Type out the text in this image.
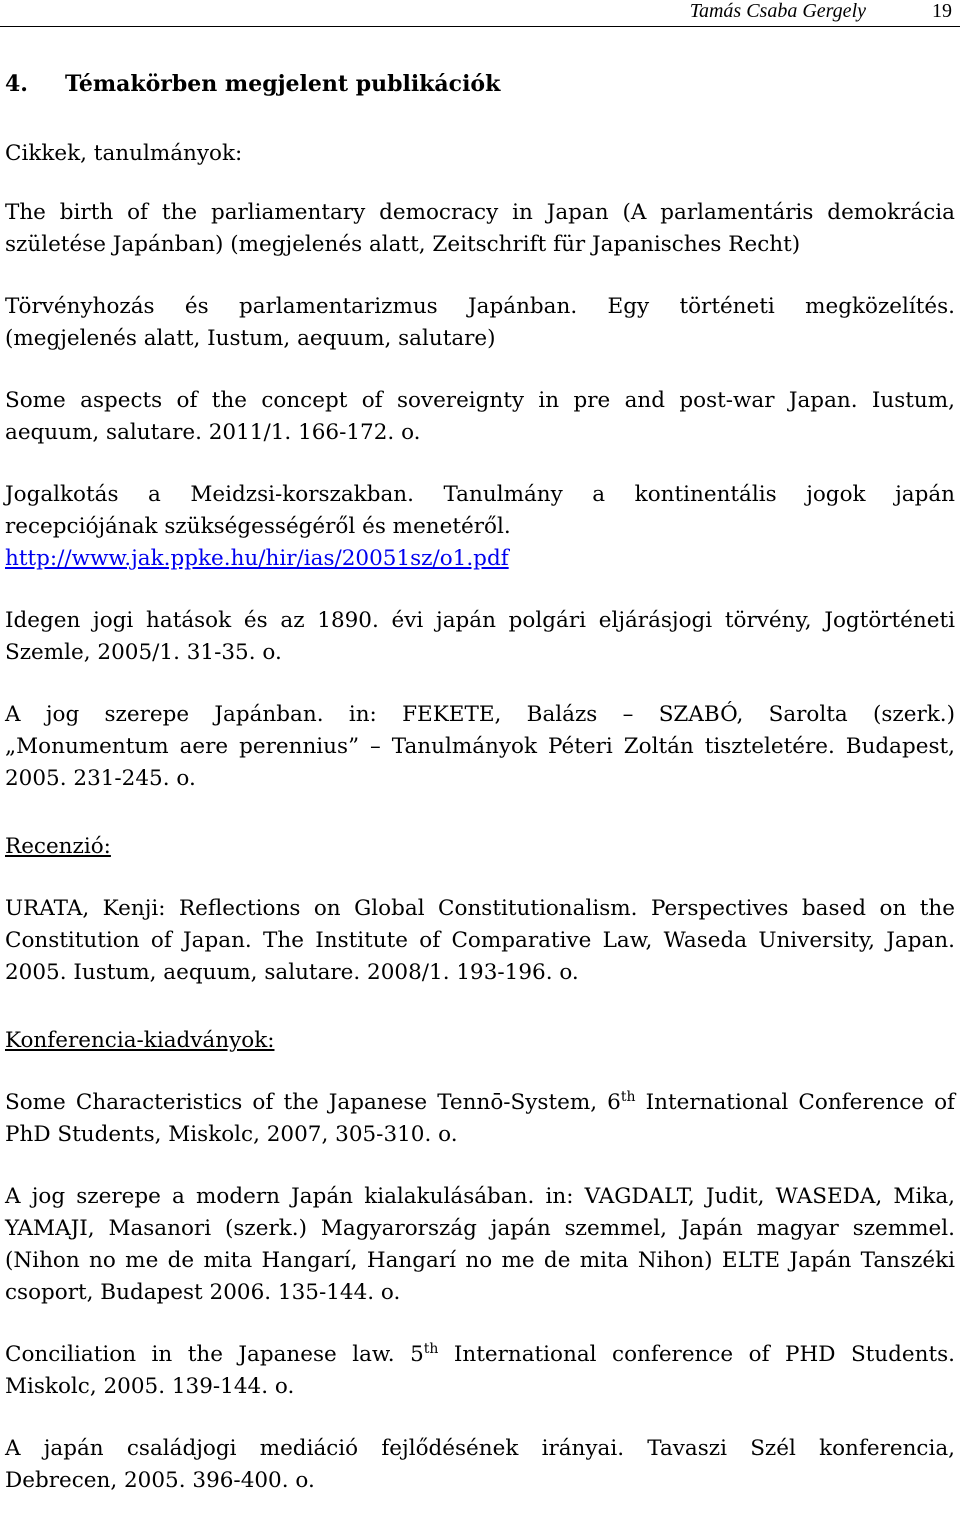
Tamás Csaba Gergely	19
4. Témakörben megjelent publikációk
Cikkek, tanulmányok:
The birth of the parliamentary democracy in Japan (A parlamentáris demokrácia
születése Japánban) (megjelenés alatt, Zeitschrift für Japanisches Recht)
Törvényhozás és parlamentarizmus Japánban. Egy történeti megközelítés.
(megjelenés alatt, Iustum, aequum, salutare)
Some aspects of the concept of sovereignty in pre and post-war Japan. Iustum,
aequum, salutare. 2011/1. 166-172. o.
Jogalkotás a Meidzsi-korszakban. Tanulmány a kontinentális jogok japán
recepciójának szükségességéről és menetéről.
http://www.jak.ppke.hu/hir/ias/20051sz/o1.pdf
Idegen jogi hatások és az 1890. évi japán polgári eljárásjogi törvény, Jogtörténeti
Szemle, 2005/1. 31-35. o.
A jog szerepe Japánban. in: FEKETE, Balázs – SZABÓ, Sarolta (szerk.)
„Monumentum aere perennius” – Tanulmányok Péteri Zoltán tiszteletére. Budapest,
2005. 231-245. o.
Recenzió:
URATA, Kenji: Reflections on Global Constitutionalism. Perspectives based on the
Constitution of Japan. The Institute of Comparative Law, Waseda University, Japan.
2005. Iustum, aequum, salutare. 2008/1. 193-196. o.
Konferencia-kiadványok:
Some Characteristics of the Japanese Tennō-System, 6th International Conference of
PhD Students, Miskolc, 2007, 305-310. o.
A jog szerepe a modern Japán kialakulásában. in: VAGDALT, Judit, WASEDA, Mika,
YAMAJI, Masanori (szerk.) Magyarország japán szemmel, Japán magyar szemmel.
(Nihon no me de mita Hangarí, Hangarí no me de mita Nihon) ELTE Japán Tanszéki
csoport, Budapest 2006. 135-144. o.
Conciliation in the Japanese law. 5th International conference of PHD Students.
Miskolc, 2005. 139-144. o.
A japán családjogi mediáció fejlődésének irányai. Tavaszi Szél konferencia,
Debrecen, 2005. 396-400. o.
